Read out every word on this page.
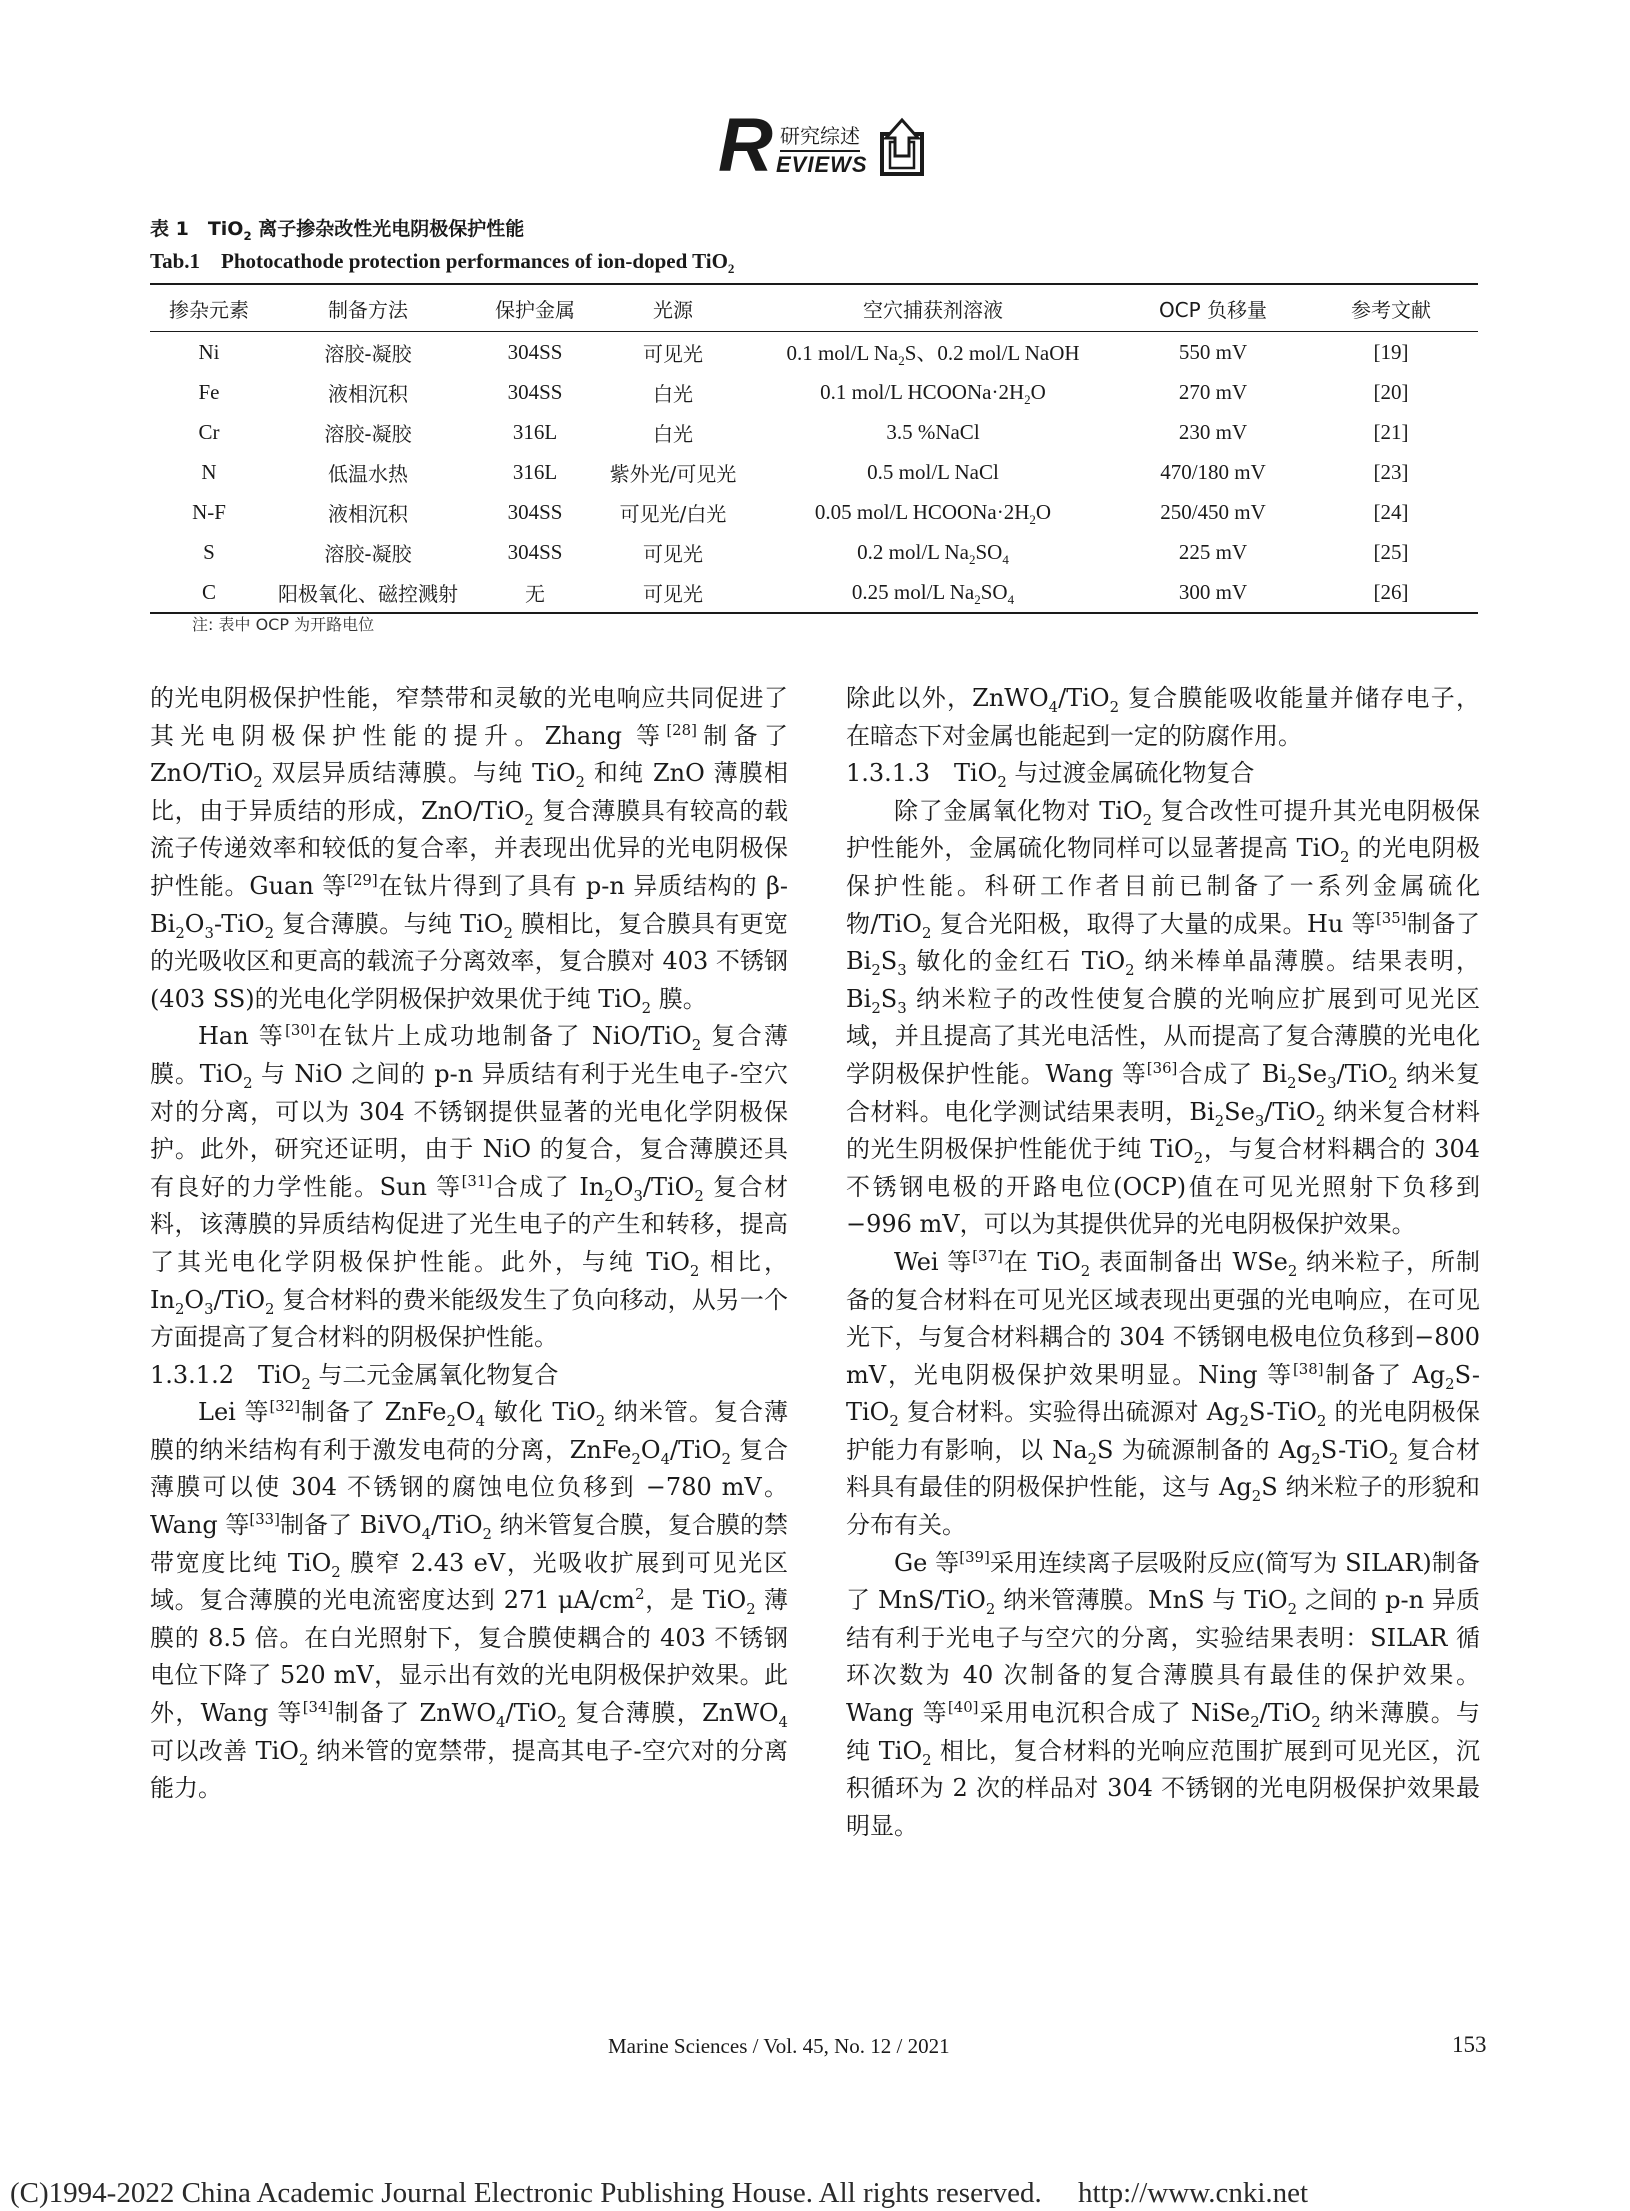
R 研究综述
EVIEWS
表 1　TiO$_2$ 离子掺杂改性光电阴极保护性能
Tab.1　Photocathode protection performances of ion-doped TiO$_2$
掺杂元素	制备方法	保护金属	光源	空穴捕获剂溶液	OCP 负移量	参考文献
Ni	溶胶-凝胶	304SS	可见光	0.1 mol/L $Na_2S$、0.2 mol/L NaOH	550 mV	[19]
Fe	液相沉积	304SS	白光	0.1 mol/L $HCOONa\cdot 2H_2O$	270 mV	[20]
Cr	溶胶-凝胶	316L	白光	3.5 %NaCl	230 mV	[21]
N	低温水热	316L	紫外光/可见光	0.5 mol/L NaCl	470/180 mV	[23]
N-F	液相沉积	304SS	可见光/白光	0.05 mol/L $HCOONa\cdot 2H_2O$	250/450 mV	[24]
S	溶胶-凝胶	304SS	可见光	0.2 mol/L $Na_2SO_4$	225 mV	[25]
C	阳极氧化、磁控溅射	无	可见光	0.25 mol/L $Na_2SO_4$	300 mV	[26]
注: 表中 OCP 为开路电位

的光电阴极保护性能，窄禁带和灵敏的光电响应共同促进了其光电阴极保护性能的提升。Zhang 等[28]制备了 ZnO/TiO$_2$ 双层异质结薄膜。与纯 TiO$_2$ 和纯 ZnO 薄膜相比，由于异质结的形成，ZnO/TiO$_2$ 复合薄膜具有较高的载流子传递效率和较低的复合率，并表现出优异的光电阴极保护性能。Guan 等[29]在钛片得到了具有 p-n 异质结构的 $\beta-Bi_2O_3-TiO_2$ 复合薄膜。与纯 TiO$_2$ 膜相比，复合膜具有更宽的光吸收区和更高的载流子分离效率，复合膜对 403 不锈钢(403 SS)的光电化学阴极保护效果优于纯 TiO$_2$ 膜。

Han 等[30]在钛片上成功地制备了 NiO/TiO$_2$ 复合薄膜。TiO$_2$ 与 NiO 之间的 p-n 异质结有利于光生电子-空穴对的分离，可以为 304 不锈钢提供显著的光电化学阴极保护。此外，研究还证明，由于 NiO 的复合，复合薄膜还具有良好的力学性能。Sun 等[31]合成了 $In_2O_3/TiO_2$ 复合材料，该薄膜的异质结构促进了光生电子的产生和转移，提高了其光电化学阴极保护性能。此外，与纯 TiO$_2$ 相比，$In_2O_3/TiO_2$ 复合材料的费米能级发生了负向移动，从另一个方面提高了复合材料的阴极保护性能。

1.3.1.2　TiO$_2$ 与二元金属氧化物复合

Lei 等[32]制备了 $ZnFe_2O_4$ 敏化 TiO$_2$ 纳米管。复合薄膜的纳米结构有利于激发电荷的分离，$ZnFe_2O_4/TiO_2$ 复合薄膜可以使 304 不锈钢的腐蚀电位负移到 −780 mV。Wang 等[33]制备了 BiVO$_4$/TiO$_2$ 纳米管复合膜，复合膜的禁带宽度比纯 TiO$_2$ 膜窄 2.43 eV，光吸收扩展到可见光区域。复合薄膜的光电流密度达到 271 $\mu A/cm^2$，是 TiO$_2$ 薄膜的 8.5 倍。在白光照射下，复合膜使耦合的 403 不锈钢电位下降了 520 mV，显示出有效的光电阴极保护效果。此外，Wang 等[34]制备了 ZnWO$_4$/TiO$_2$ 复合薄膜，ZnWO$_4$ 可以改善 TiO$_2$ 纳米管的宽禁带，提高其电子-空穴对的分离能力。

除此以外，ZnWO$_4$/TiO$_2$ 复合膜能吸收能量并储存电子，在暗态下对金属也能起到一定的防腐作用。

1.3.1.3　TiO$_2$ 与过渡金属硫化物复合

除了金属氧化物对 TiO$_2$ 复合改性可提升其光电阴极保护性能外，金属硫化物同样可以显著提高 TiO$_2$ 的光电阴极保护性能。科研工作者目前已制备了一系列金属硫化物/TiO$_2$ 复合光阳极，取得了大量的成果。Hu 等[35]制备了 $Bi_2S_3$ 敏化的金红石 TiO$_2$ 纳米棒单晶薄膜。结果表明，$Bi_2S_3$ 纳米粒子的改性使复合膜的光响应扩展到可见光区域，并且提高了其光电活性，从而提高了复合薄膜的光电化学阴极保护性能。Wang 等[36]合成了 $Bi_2Se_3/TiO_2$ 纳米复合材料。电化学测试结果表明，$Bi_2Se_3/TiO_2$ 纳米复合材料的光生阴极保护性能优于纯 TiO$_2$，与复合材料耦合的 304 不锈钢电极的开路电位(OCP)值在可见光照射下负移到−996 mV，可以为其提供优异的光电阴极保护效果。

Wei 等[37]在 TiO$_2$ 表面制备出 WSe$_2$ 纳米粒子，所制备的复合材料在可见光区域表现出更强的光电响应，在可见光下，与复合材料耦合的 304 不锈钢电极电位负移到−800 mV，光电阴极保护效果明显。Ning 等[38]制备了 $Ag_2S-TiO_2$ 复合材料。实验得出硫源对 $Ag_2S-TiO_2$ 的光电阴极保护能力有影响，以 $Na_2S$ 为硫源制备的 $Ag_2S-TiO_2$ 复合材料具有最佳的阴极保护性能，这与 $Ag_2S$ 纳米粒子的形貌和分布有关。

Ge 等[39]采用连续离子层吸附反应(简写为 SILAR)制备了 MnS/TiO$_2$ 纳米管薄膜。MnS 与 TiO$_2$ 之间的 p-n 异质结有利于光电子与空穴的分离，实验结果表明：SILAR 循环次数为 40 次制备的复合薄膜具有最佳的保护效果。Wang 等[40]采用电沉积合成了 NiSe$_2$/TiO$_2$ 纳米薄膜。与纯 TiO$_2$ 相比，复合材料的光响应范围扩展到可见光区，沉积循环为 2 次的样品对 304 不锈钢的光电阴极保护效果最明显。

Marine Sciences / Vol. 45, No. 12 / 2021	153
(C)1994-2022 China Academic Journal Electronic Publishing House. All rights reserved.　 http://www.cnki.net
